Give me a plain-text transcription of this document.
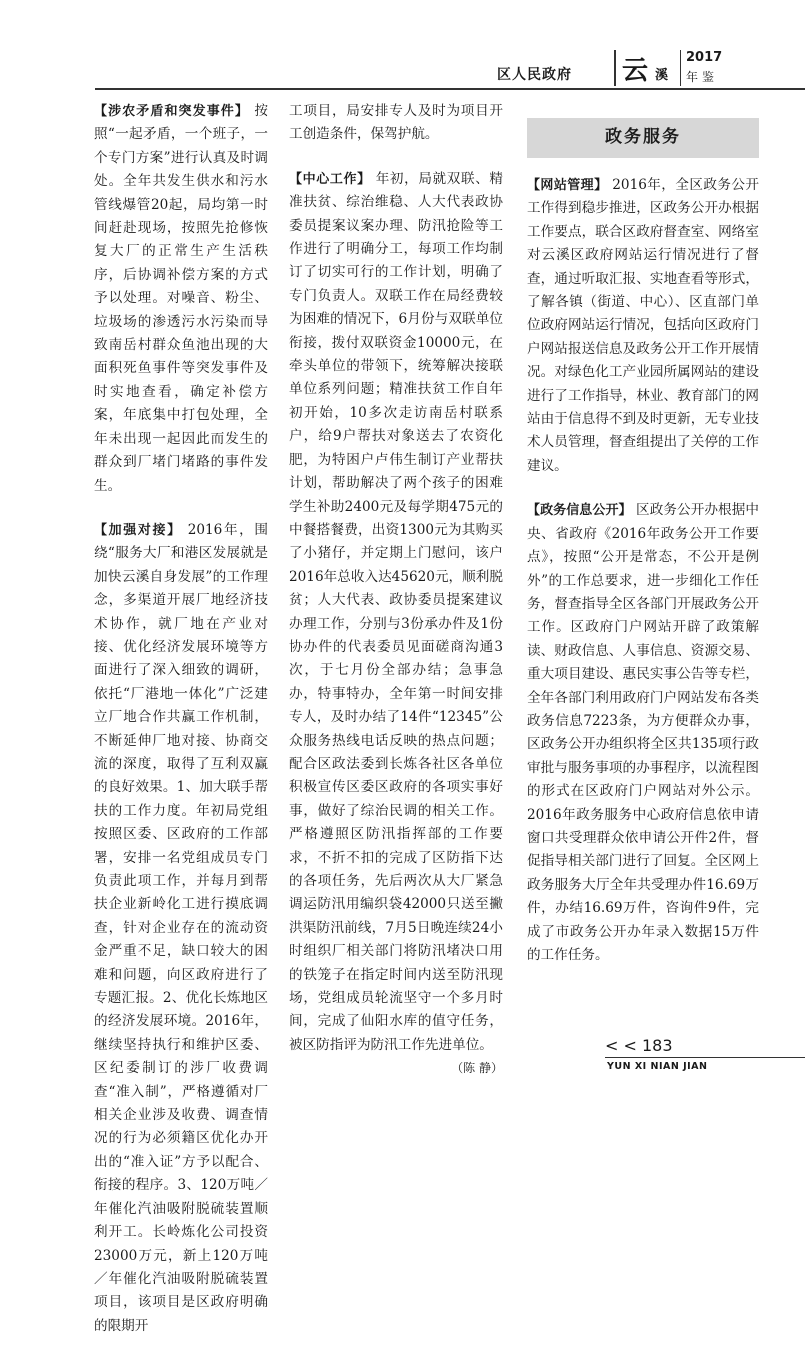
区人民政府 云 溪
2017
年鉴

【涉农矛盾和突发事件】 按照“一起矛盾，一个班子，一个专门方案”进行认真及时调处。全年共发生供水和污水管线爆管20起，局均第一时间赶赴现场，按照先抢修恢复大厂的正常生产生活秩序，后协调补偿方案的方式予以处理。对噪音、粉尘、垃圾场的渗透污水污染而导致南岳村群众鱼池出现的大面积死鱼事件等突发事件及时实地查看，确定补偿方案，年底集中打包处理，全年未出现一起因此而发生的群众到厂堵门堵路的事件发生。

【加强对接】 2016年，围绕“服务大厂和港区发展就是加快云溪自身发展”的工作理念，多渠道开展厂地经济技术协作，就厂地在产业对接、优化经济发展环境等方面进行了深入细致的调研，依托“厂港地一体化”广泛建立厂地合作共赢工作机制，不断延伸厂地对接、协商交流的深度，取得了互利双赢的良好效果。1、加大联手帮扶的工作力度。年初局党组按照区委、区政府的工作部署，安排一名党组成员专门负责此项工作，并每月到帮扶企业新岭化工进行摸底调查，针对企业存在的流动资金严重不足，缺口较大的困难和问题，向区政府进行了专题汇报。2、优化长炼地区的经济发展环境。2016年，继续坚持执行和维护区委、区纪委制订的涉厂收费调查“准入制”，严格遵循对厂相关企业涉及收费、调查情况的行为必须籍区优化办开出的“准入证”方予以配合、衔接的程序。3、120万吨／年催化汽油吸附脱硫装置顺利开工。长岭炼化公司投资23000万元，新上120万吨／年催化汽油吸附脱硫装置项目，该项目是区政府明确的限期开

工项目，局安排专人及时为项目开工创造条件，保驾护航。

【中心工作】 年初，局就双联、精准扶贫、综治维稳、人大代表政协委员提案议案办理、防汛抢险等工作进行了明确分工，每项工作均制订了切实可行的工作计划，明确了专门负责人。双联工作在局经费较为困难的情况下，6月份与双联单位衔接，拨付双联资金10000元，在牵头单位的带领下，统筹解决接联单位系列问题；精准扶贫工作自年初开始，10多次走访南岳村联系户，给9户帮扶对象送去了农资化肥，为特困户卢伟生制订产业帮扶计划，帮助解决了两个孩子的困难学生补助2400元及每学期475元的中餐搭餐费，出资1300元为其购买了小猪仔，并定期上门慰问，该户2016年总收入达45620元，顺利脱贫；人大代表、政协委员提案建议办理工作，分别与3份承办件及1份协办件的代表委员见面磋商沟通3次，于七月份全部办结；急事急办，特事特办，全年第一时间安排专人，及时办结了14件“12345”公众服务热线电话反映的热点问题；配合区政法委到长炼各社区各单位积极宣传区委区政府的各项实事好事，做好了综治民调的相关工作。严格遵照区防汛指挥部的工作要求，不折不扣的完成了区防指下达的各项任务，先后两次从大厂紧急调运防汛用编织袋42000只送至撇洪渠防汛前线，7月5日晚连续24小时组织厂相关部门将防汛堵决口用的铁笼子在指定时间内送至防汛现场，党组成员轮流坚守一个多月时间，完成了仙阳水库的值守任务，被区防指评为防汛工作先进单位。

（陈 静）
政务服务

【网站管理】 2016年，全区政务公开工作得到稳步推进，区政务公开办根据工作要点，联合区政府督查室、网络室对云溪区政府网站运行情况进行了督查，通过听取汇报、实地查看等形式，了解各镇（街道、中心）、区直部门单位政府网站运行情况，包括向区政府门户网站报送信息及政务公开工作开展情况。对绿色化工产业园所属网站的建设进行了工作指导，林业、教育部门的网站由于信息得不到及时更新，无专业技术人员管理，督查组提出了关停的工作建议。

【政务信息公开】 区政务公开办根据中央、省政府《2016年政务公开工作要点》，按照“公开是常态，不公开是例外”的工作总要求，进一步细化工作任务，督查指导全区各部门开展政务公开工作。区政府门户网站开辟了政策解读、财政信息、人事信息、资源交易、重大项目建设、惠民实事公告等专栏，全年各部门利用政府门户网站发布各类政务信息7223条，为方便群众办事，区政务公开办组织将全区共135项行政审批与服务事项的办事程序，以流程图的形式在区政府门户网站对外公示。2016年政务服务中心政府信息依申请窗口共受理群众依申请公开件2件，督促指导相关部门进行了回复。全区网上政务服务大厅全年共受理办件16.69万件，办结16.69万件，咨询件9件，完成了市政务公开办年录入数据15万件的工作任务。

< < 183
YUN XI NIAN JIAN
